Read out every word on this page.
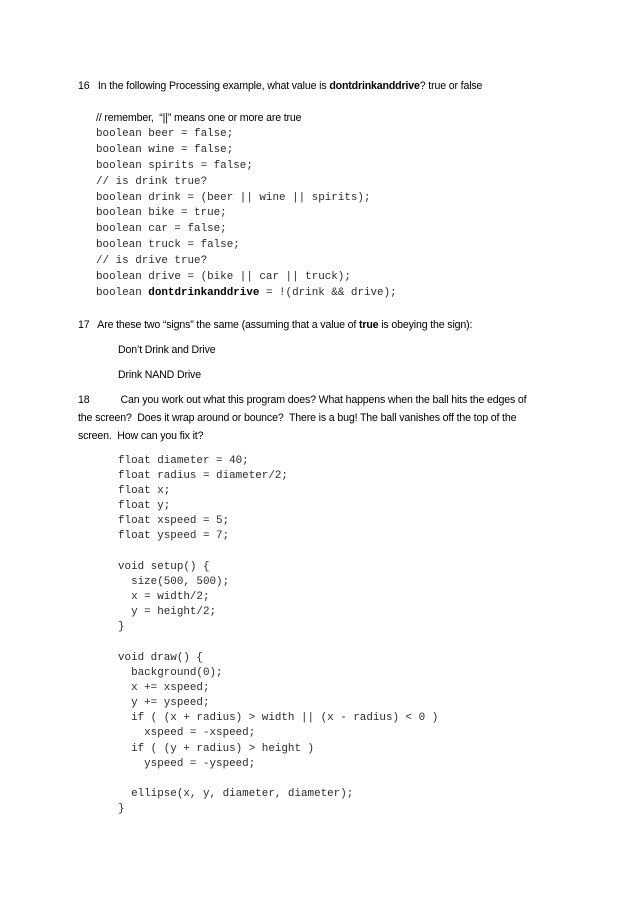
16 In the following Processing example, what value is dontdrinkanddrive? true or false
// remember,  “||” means one or more are true
boolean beer = false;
boolean wine = false;
boolean spirits = false;
// is drink true?
boolean drink = (beer || wine || spirits);
boolean bike = true;
boolean car = false;
boolean truck = false;
// is drive true?
boolean drive = (bike || car || truck);
boolean dontdrinkanddrive = !(drink && drive);
17 Are these two “signs” the same (assuming that a value of true is obeying the sign):
Don’t Drink and Drive
Drink NAND Drive
18	Can you work out what this program does? What happens when the ball hits the edges of
the screen?  Does it wrap around or bounce?  There is a bug! The ball vanishes off the top of the
screen.  How can you fix it?
float diameter = 40;
float radius = diameter/2;
float x;
float y;
float xspeed = 5;
float yspeed = 7;
void setup() {
size(500, 500);
x = width/2;
y = height/2;
}
void draw() {
background(0);
x += xspeed;
y += yspeed;
if ( (x + radius) > width || (x - radius) < 0 )
xspeed = -xspeed;
if ( (y + radius) > height )
yspeed = -yspeed;
ellipse(x, y, diameter, diameter);
}
